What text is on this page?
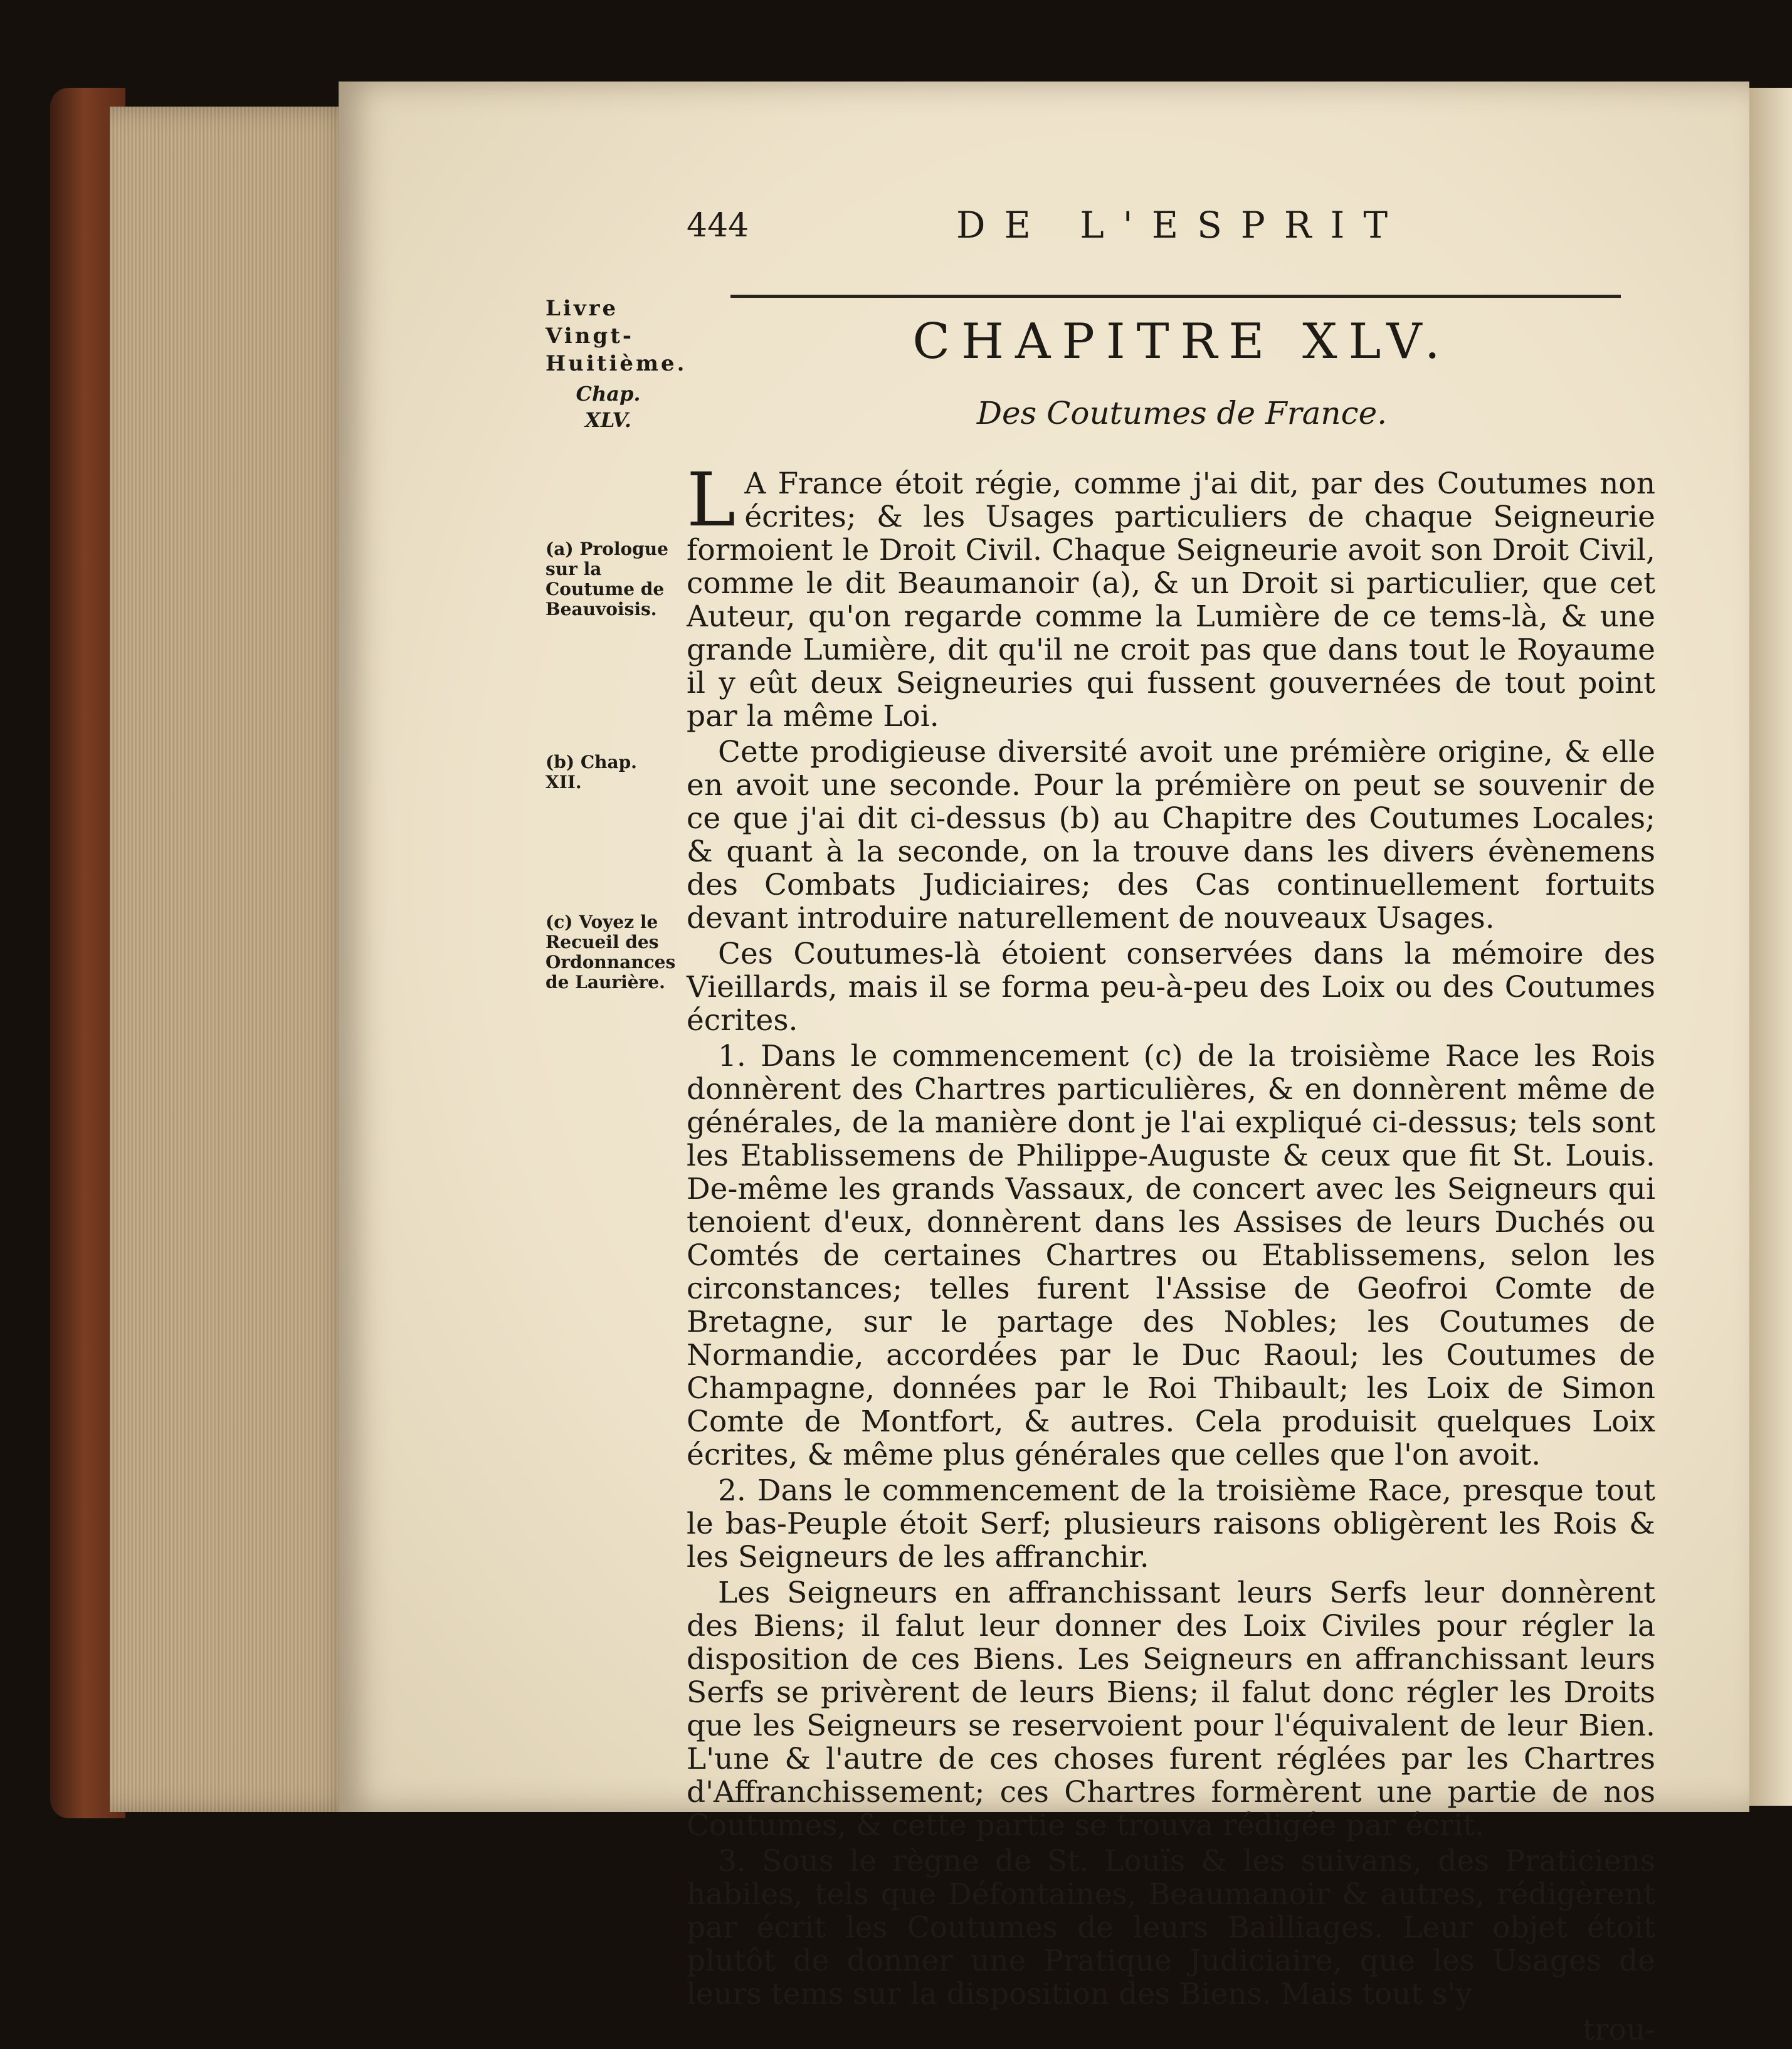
444	DE L'ESPRIT
CHAPITRE XLV.
Des Coutumes de France.
Livre
Vingt-
Huitième.
Chap.
XLV.
(a) Prologue sur la Coutume de Beauvoisis.
(b) Chap. XII.
(c) Voyez le Recueil des Ordonnances de Laurière.

L A France étoit régie, comme j'ai dit, par des Coutumes non écrites; & les Usages particuliers de chaque Seigneurie formoient le Droit Civil. Chaque Seigneurie avoit son Droit Civil, comme le dit Beaumanoir (a), & un Droit si particulier, que cet Auteur, qu'on regarde comme la Lumière de ce tems-là, & une grande Lumière, dit qu'il ne croit pas que dans tout le Royaume il y eût deux Seigneuries qui fussent gouvernées de tout point par la même Loi.

Cette prodigieuse diversité avoit une prémière origine, & elle en avoit une seconde. Pour la prémière on peut se souvenir de ce que j'ai dit ci-dessus (b) au Chapitre des Coutumes Locales; & quant à la seconde, on la trouve dans les divers évènemens des Combats Judiciaires; des Cas continuellement fortuits devant introduire naturellement de nouveaux Usages.

Ces Coutumes-là étoient conservées dans la mémoire des Vieillards, mais il se forma peu-à-peu des Loix ou des Coutumes écrites.

1. Dans le commencement (c) de la troisième Race les Rois donnèrent des Chartres particulières, & en donnèrent même de générales, de la manière dont je l'ai expliqué ci-dessus; tels sont les Etablissemens de Philippe-Auguste & ceux que fit St. Louis. De-même les grands Vassaux, de concert avec les Seigneurs qui tenoient d'eux, donnèrent dans les Assises de leurs Duchés ou Comtés de certaines Chartres ou Etablissemens, selon les circonstances; telles furent l'Assise de Geofroi Comte de Bretagne, sur le partage des Nobles; les Coutumes de Normandie, accordées par le Duc Raoul; les Coutumes de Champagne, données par le Roi Thibault; les Loix de Simon Comte de Montfort, & autres. Cela produisit quelques Loix écrites, & même plus générales que celles que l'on avoit.

2. Dans le commencement de la troisième Race, presque tout le bas-Peuple étoit Serf; plusieurs raisons obligèrent les Rois & les Seigneurs de les affranchir.

Les Seigneurs en affranchissant leurs Serfs leur donnèrent des Biens; il falut leur donner des Loix Civiles pour régler la disposition de ces Biens. Les Seigneurs en affranchissant leurs Serfs se privèrent de leurs Biens; il falut donc régler les Droits que les Seigneurs se reservoient pour l'équivalent de leur Bien. L'une & l'autre de ces choses furent réglées par les Chartres d'Affranchissement; ces Chartres formèrent une partie de nos Coutumes, & cette partie se trouva rédigée par écrit.

3. Sous le règne de St. Louïs & les suivans, des Praticiens habiles, tels que Défontaines, Beaumanoir & autres, rédigèrent par écrit les Coutumes de leurs Bailliages. Leur objet étoit plutôt de donner une Pratique Judiciaire, que les Usages de leurs tems sur la disposition des Biens. Mais tout s'y

trou-
